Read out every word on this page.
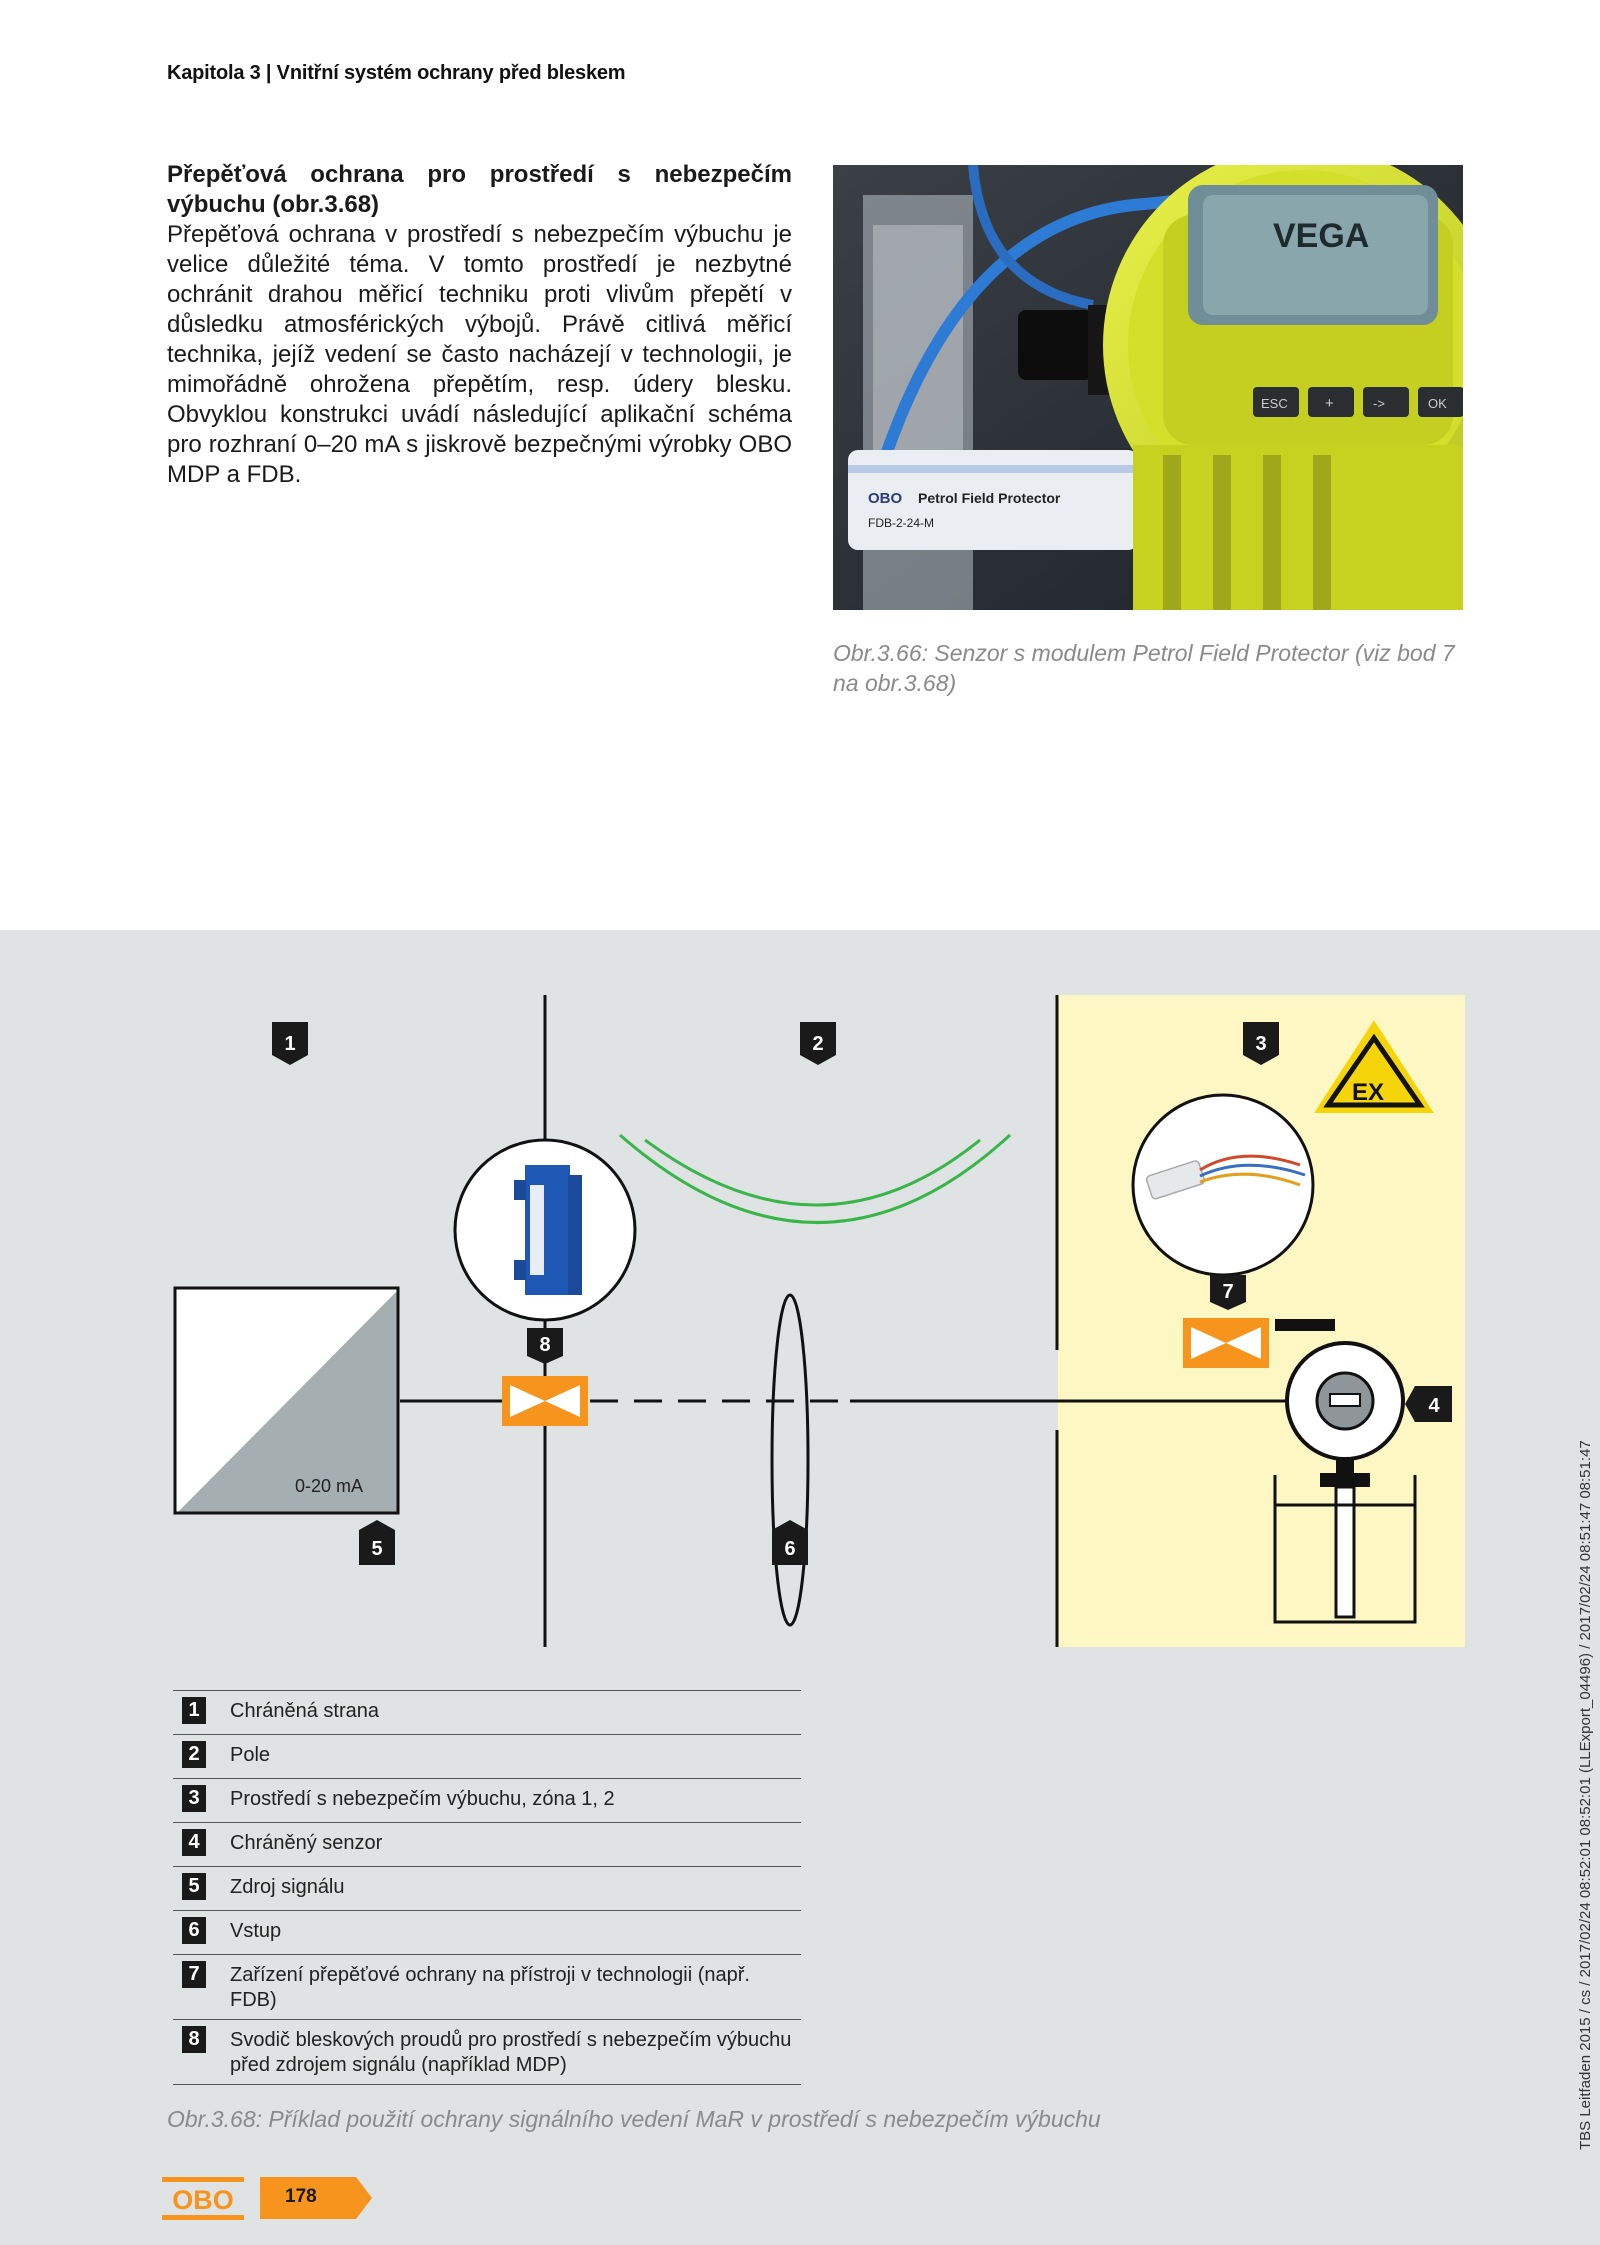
Kapitola 3 | Vnitřní systém ochrany před bleskem
Přepěťová ochrana pro prostředí s nebezpečím výbuchu (obr.3.68)

Přepěťová ochrana v prostředí s nebezpečím výbuchu je velice důležité téma. V tomto prostředí je nezbytné ochránit drahou měřicí techniku proti vlivům přepětí v důsledku atmosférických výbojů. Právě citlivá měřicí technika, jejíž vedení se často nacházejí v technologii, je mimořádně ohrožena přepětím, resp. údery blesku. Obvyklou konstrukci uvádí následující aplikační schéma pro rozhraní 0–20 mA s jiskrově bezpečnými výrobky OBO MDP a FDB.

OBO Petrol Field Protector
FDB-2-24-M
VEGA
ESC +	->	OK
Obr.3.66: Senzor s modulem Petrol Field Protector (viz bod 7 na obr.3.68)
0-20 mA
EX
1	2	3
4
5	6
7
8
1	Chráněná strana
2	Pole
3	Prostředí s nebezpečím výbuchu, zóna 1, 2
4	Chráněný senzor
5	Zdroj signálu
6	Vstup
7	Zařízení přepěťové ochrany na přístroji v technologii (např. FDB)
8	Svodič bleskových proudů pro prostředí s nebezpečím výbuchu před zdrojem signálu (například MDP)
Obr.3.68: Příklad použití ochrany signálního vedení MaR v prostředí s nebezpečím výbuchu
OBO	178
TBS Leitfaden 2015 / cs / 2017/02/24 08:52:01 08:52:01 (LLExport_04496) / 2017/02/24 08:51:47 08:51:47
